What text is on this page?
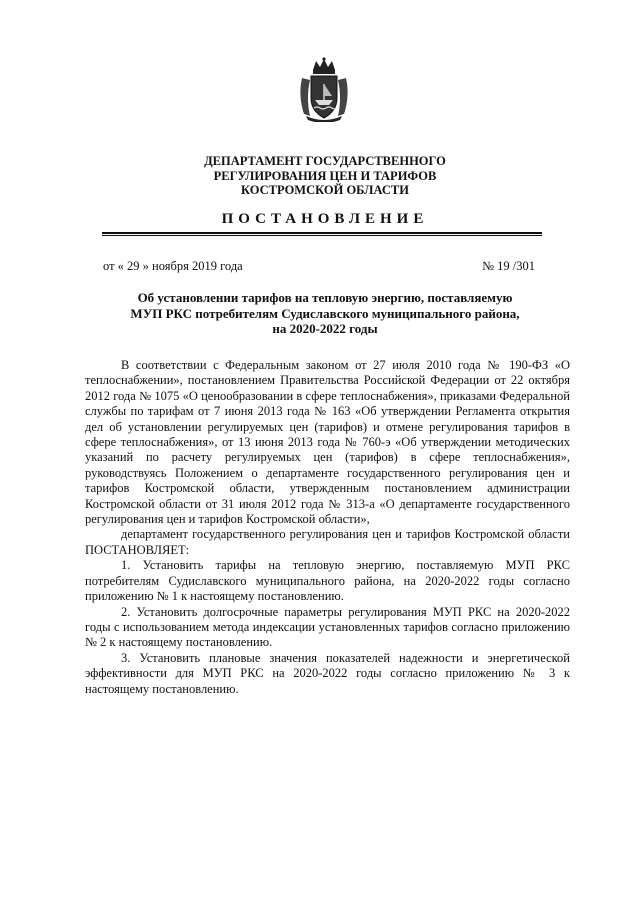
ДЕПАРТАМЕНТ ГОСУДАРСТВЕННОГО
РЕГУЛИРОВАНИЯ ЦЕН И ТАРИФОВ
КОСТРОМСКОЙ ОБЛАСТИ
ПОСТАНОВЛЕНИЕ
от « 29 » ноября 2019 года	№ 19 /301
Об установлении тарифов на тепловую энергию, поставляемую
МУП РКС потребителям Судиславского муниципального района,
на 2020-2022 годы

В соответствии с Федеральным законом от 27 июля 2010 года № 190-ФЗ «О теплоснабжении», постановлением Правительства Российской Федерации от 22 октября 2012 года № 1075 «О ценообразовании в сфере теплоснабжения», приказами Федеральной службы по тарифам от 7 июня 2013 года № 163 «Об утверждении Регламента открытия дел об установлении регулируемых цен (тарифов) и отмене регулирования тарифов в сфере теплоснабжения», от 13 июня 2013 года № 760-э «Об утверждении методических указаний по расчету регулируемых цен (тарифов) в сфере теплоснабжения», руководствуясь Положением о департаменте государственного регулирования цен и тарифов Костромской области, утвержденным постановлением администрации Костромской области от 31 июля 2012 года № 313-а «О департаменте государственного регулирования цен и тарифов Костромской области»,

департамент государственного регулирования цен и тарифов Костромской области ПОСТАНОВЛЯЕТ:

1. Установить тарифы на тепловую энергию, поставляемую МУП РКС потребителям Судиславского муниципального района, на 2020-2022 годы согласно приложению № 1 к настоящему постановлению.

2. Установить долгосрочные параметры регулирования МУП РКС на 2020-2022 годы с использованием метода индексации установленных тарифов согласно приложению № 2 к настоящему постановлению.

3. Установить плановые значения показателей надежности и энергетической эффективности для МУП РКС на 2020-2022 годы согласно приложению № 3 к настоящему постановлению.
